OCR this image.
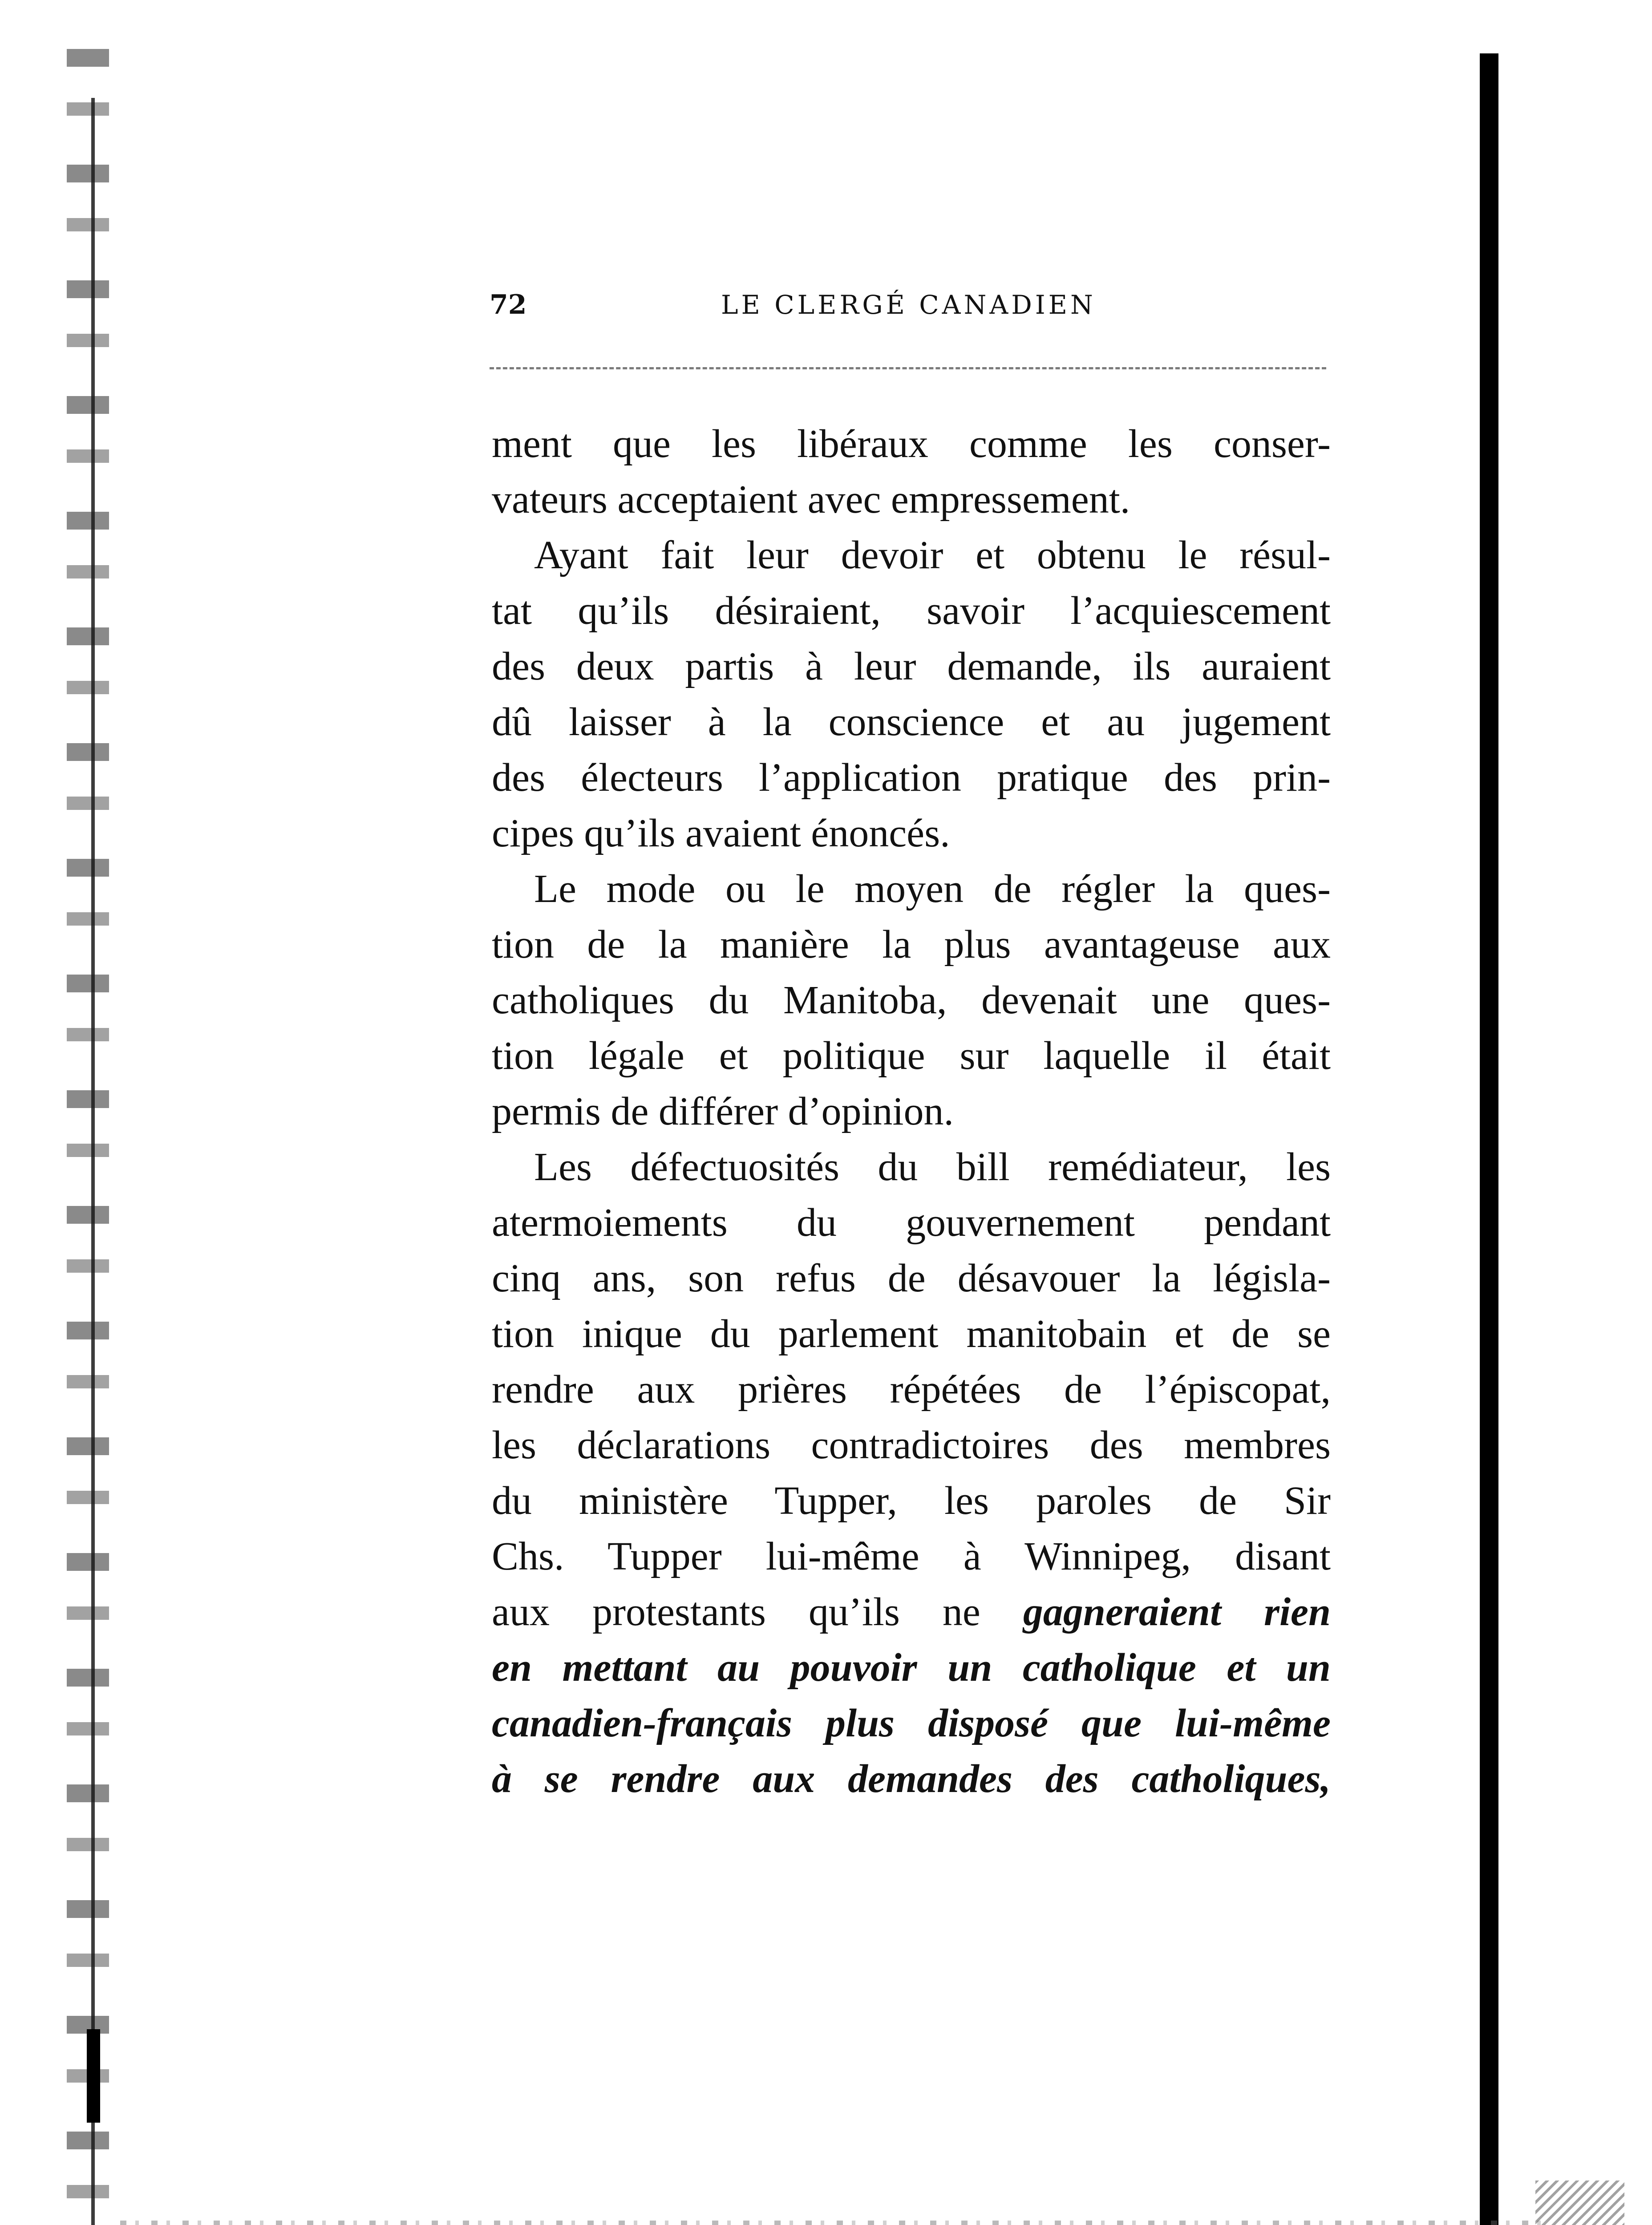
72	LE CLERGÉ CANADIEN
ment que les libéraux comme les conser-
vateurs acceptaient avec empressement.
Ayant fait leur devoir et obtenu le résul-
tat qu’ils désiraient, savoir l’acquiescement
des deux partis à leur demande, ils auraient
dû laisser à la conscience et au jugement
des électeurs l’application pratique des prin-
cipes qu’ils avaient énoncés.
Le mode ou le moyen de régler la ques-
tion de la manière la plus avantageuse aux
catholiques du Manitoba, devenait une ques-
tion légale et politique sur laquelle il était
permis de différer d’opinion.
Les défectuosités du bill remédiateur, les
atermoiements du gouvernement pendant
cinq ans, son refus de désavouer la législa-
tion inique du parlement manitobain et de se
rendre aux prières répétées de l’épiscopat,
les déclarations contradictoires des membres
du ministère Tupper, les paroles de Sir
Chs. Tupper lui-même à Winnipeg, disant
aux protestants qu’ils ne gagneraient rien
en mettant au pouvoir un catholique et un
canadien-français plus disposé que lui-même
à se rendre aux demandes des catholiques,
